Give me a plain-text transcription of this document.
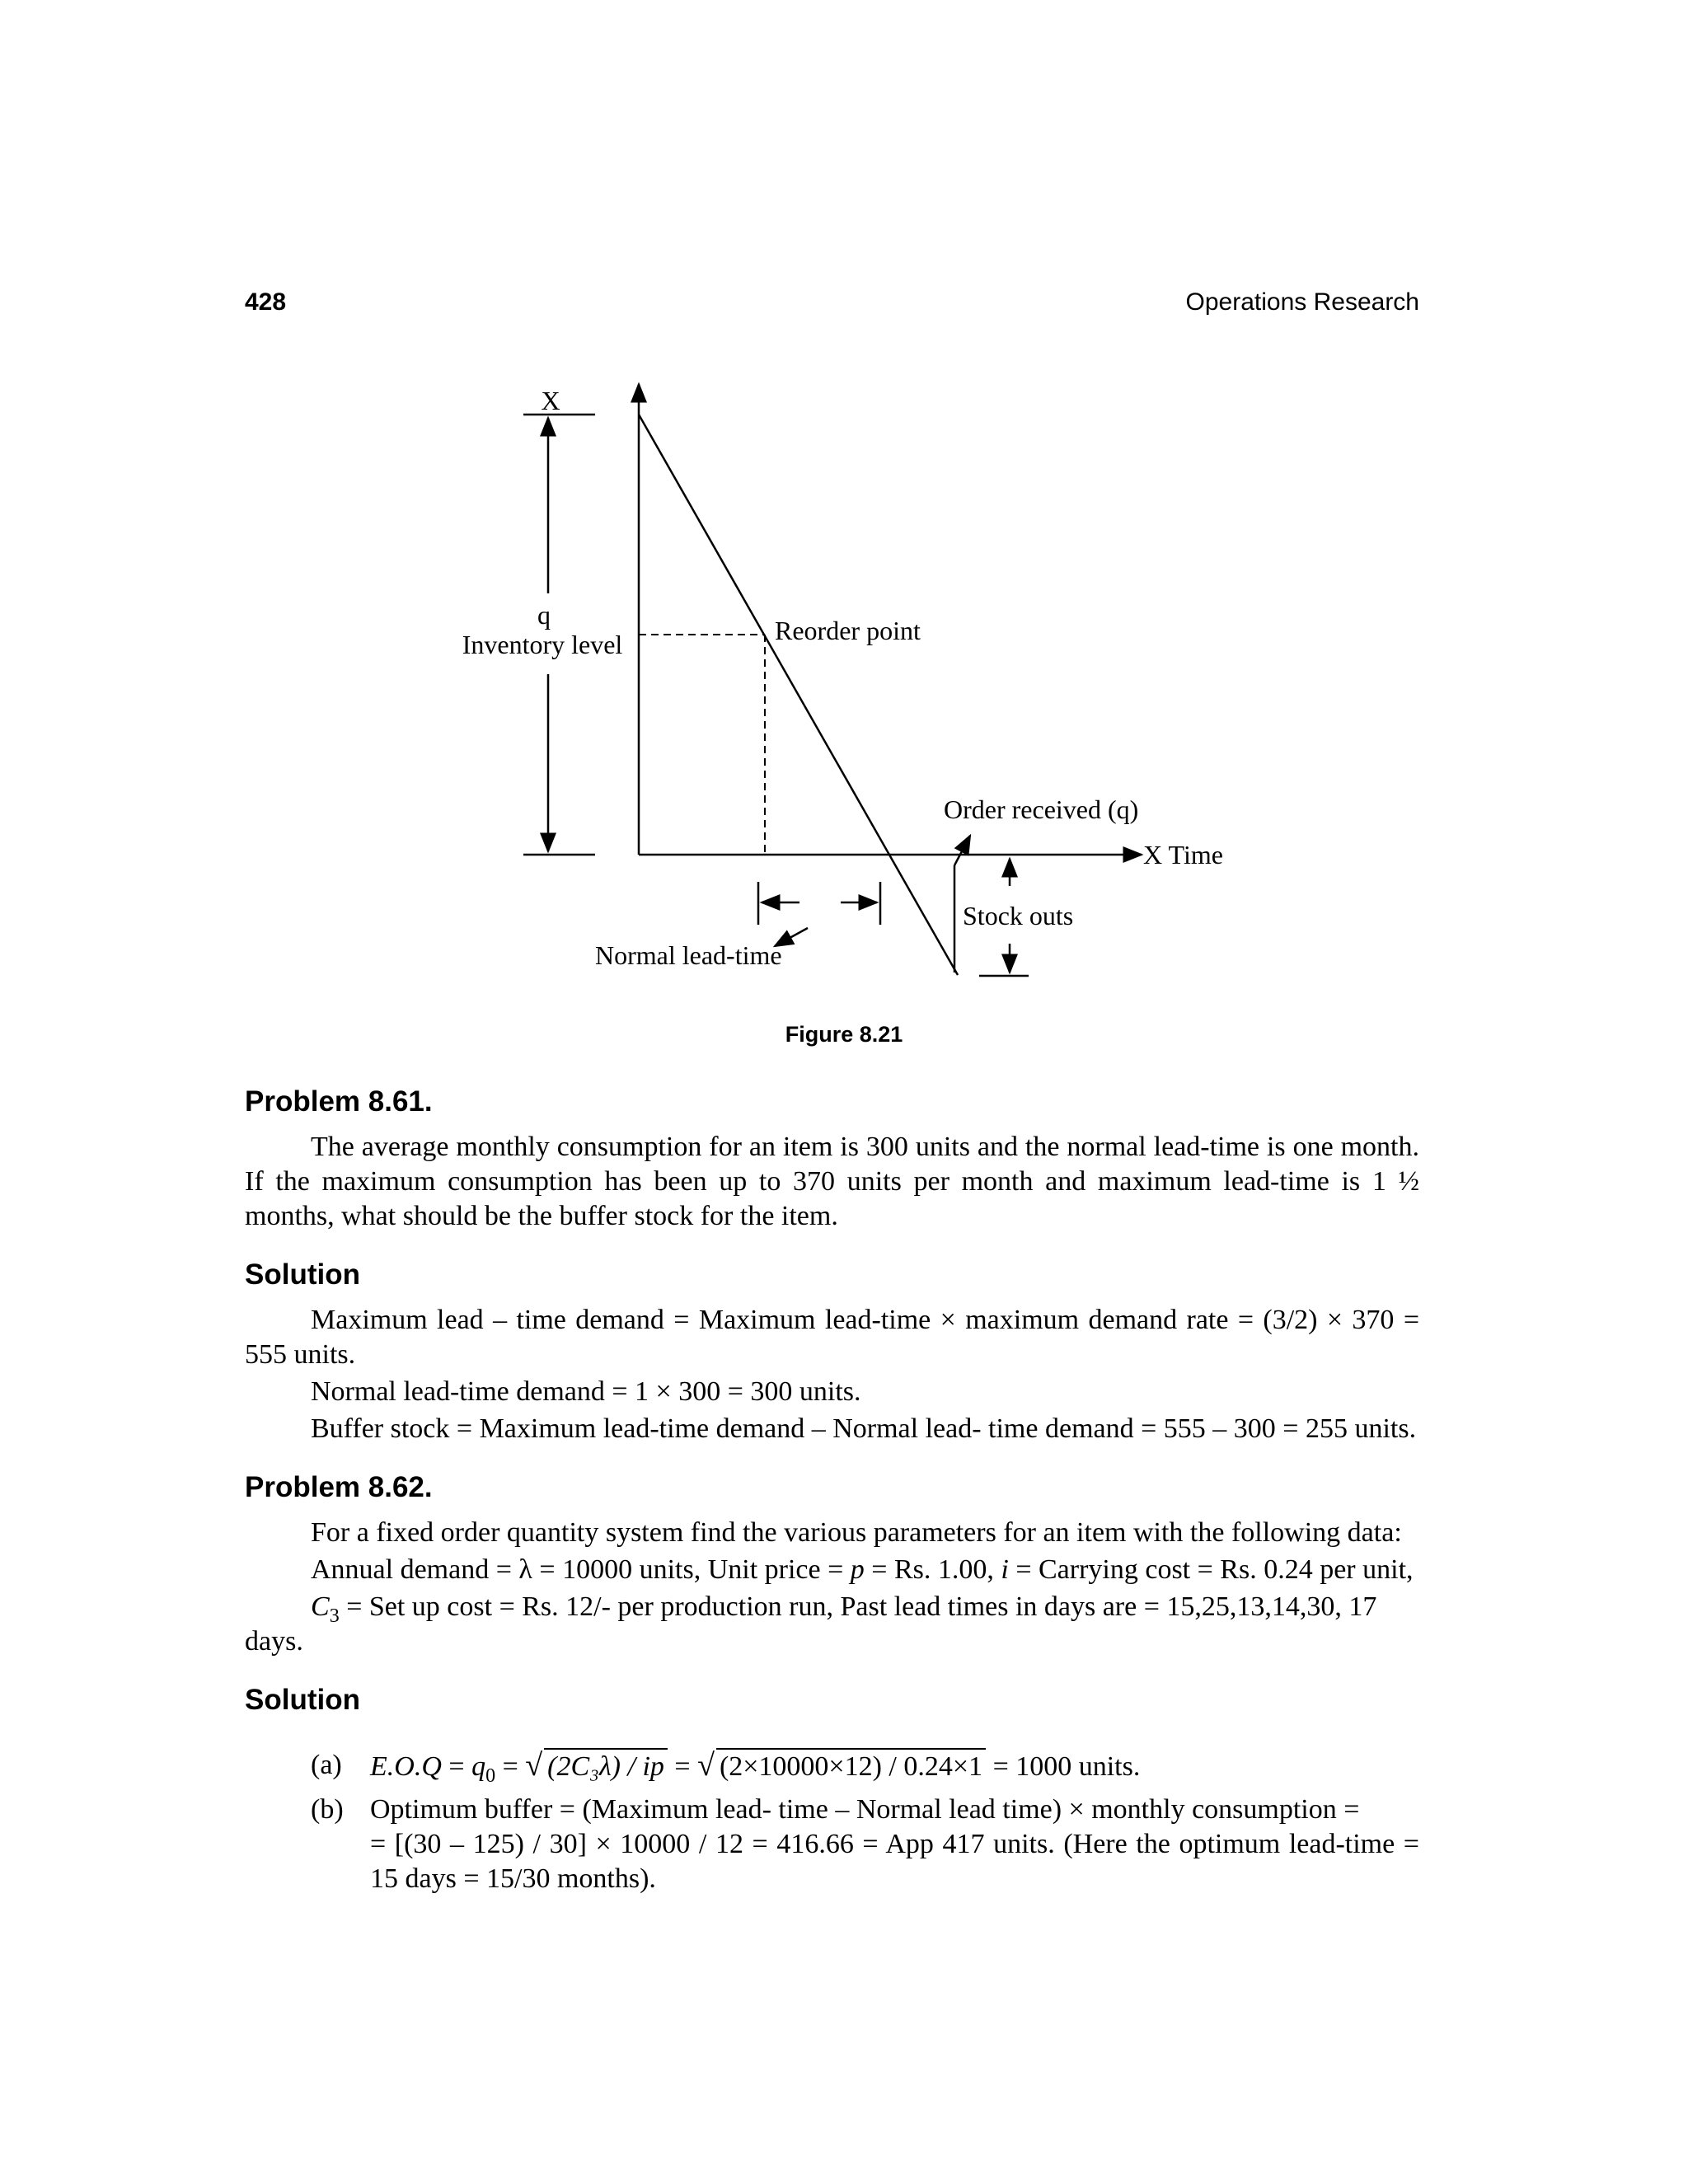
428	Operations Research
X
q
Inventory level
X Time
Reorder point
Order received (q)
Stock outs
Normal lead-time
Figure 8.21
Problem 8.61.

The average monthly consumption for an item is 300 units and the normal lead-time is one month. If the maximum consumption has been up to 370 units per month and maximum lead-time is 1 ½ months, what should be the buffer stock for the item.

Solution

Maximum lead – time demand = Maximum lead-time × maximum demand rate = (3/2) × 370 = 555 units.

Normal lead-time demand = 1 × 300 = 300 units.

Buffer stock = Maximum lead-time demand – Normal lead- time demand = 555 – 300 = 255 units.

Problem 8.62.

For a fixed order quantity system find the various parameters for an item with the following data:

Annual demand = λ = 10000 units, Unit price = p = Rs. 1.00, i = Carrying cost = Rs. 0.24 per unit,

$C_3$ = Set up cost = Rs. 12/- per production run, Past lead times in days are = 15,25,13,14,30, 17

days.

Solution
(a)	$E.O.Q = q_0$ = √ (2C₃λ) / ip = √ (2×10000×12) / 0.24×1 = 1000 units.
(b) Optimum buffer = (Maximum lead- time – Normal lead time) × monthly consumption =
= [(30 – 125) / 30] × 10000 / 12 = 416.66 = App 417 units. (Here the optimum lead-time = 15 days = 15/30 months).
